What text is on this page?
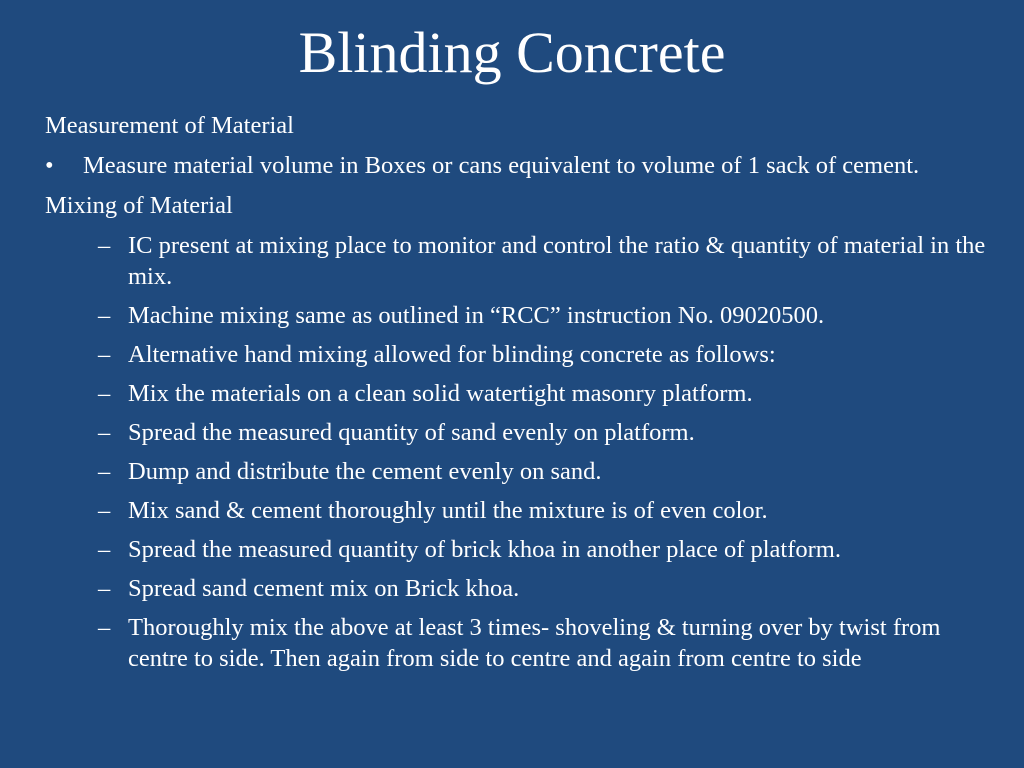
Blinding Concrete

Measurement of Material

• Measure material volume in Boxes or cans equivalent to volume of 1 sack of cement.

Mixing of Material

– IC present at mixing place to monitor and control the ratio & quantity of material in the mix.
– Machine mixing same as outlined in “RCC” instruction No. 09020500.
– Alternative hand mixing allowed for blinding concrete as follows:
– Mix the materials on a clean solid watertight masonry platform.
– Spread the measured quantity of sand evenly on platform.
– Dump and distribute the cement evenly on sand.
– Mix sand & cement thoroughly until the mixture is of even color.
– Spread the measured quantity of brick khoa in another place of platform.
– Spread sand cement mix on Brick khoa.
– Thoroughly mix the above at least 3 times- shoveling & turning over by twist from centre to side. Then again from side to centre and again from centre to side
